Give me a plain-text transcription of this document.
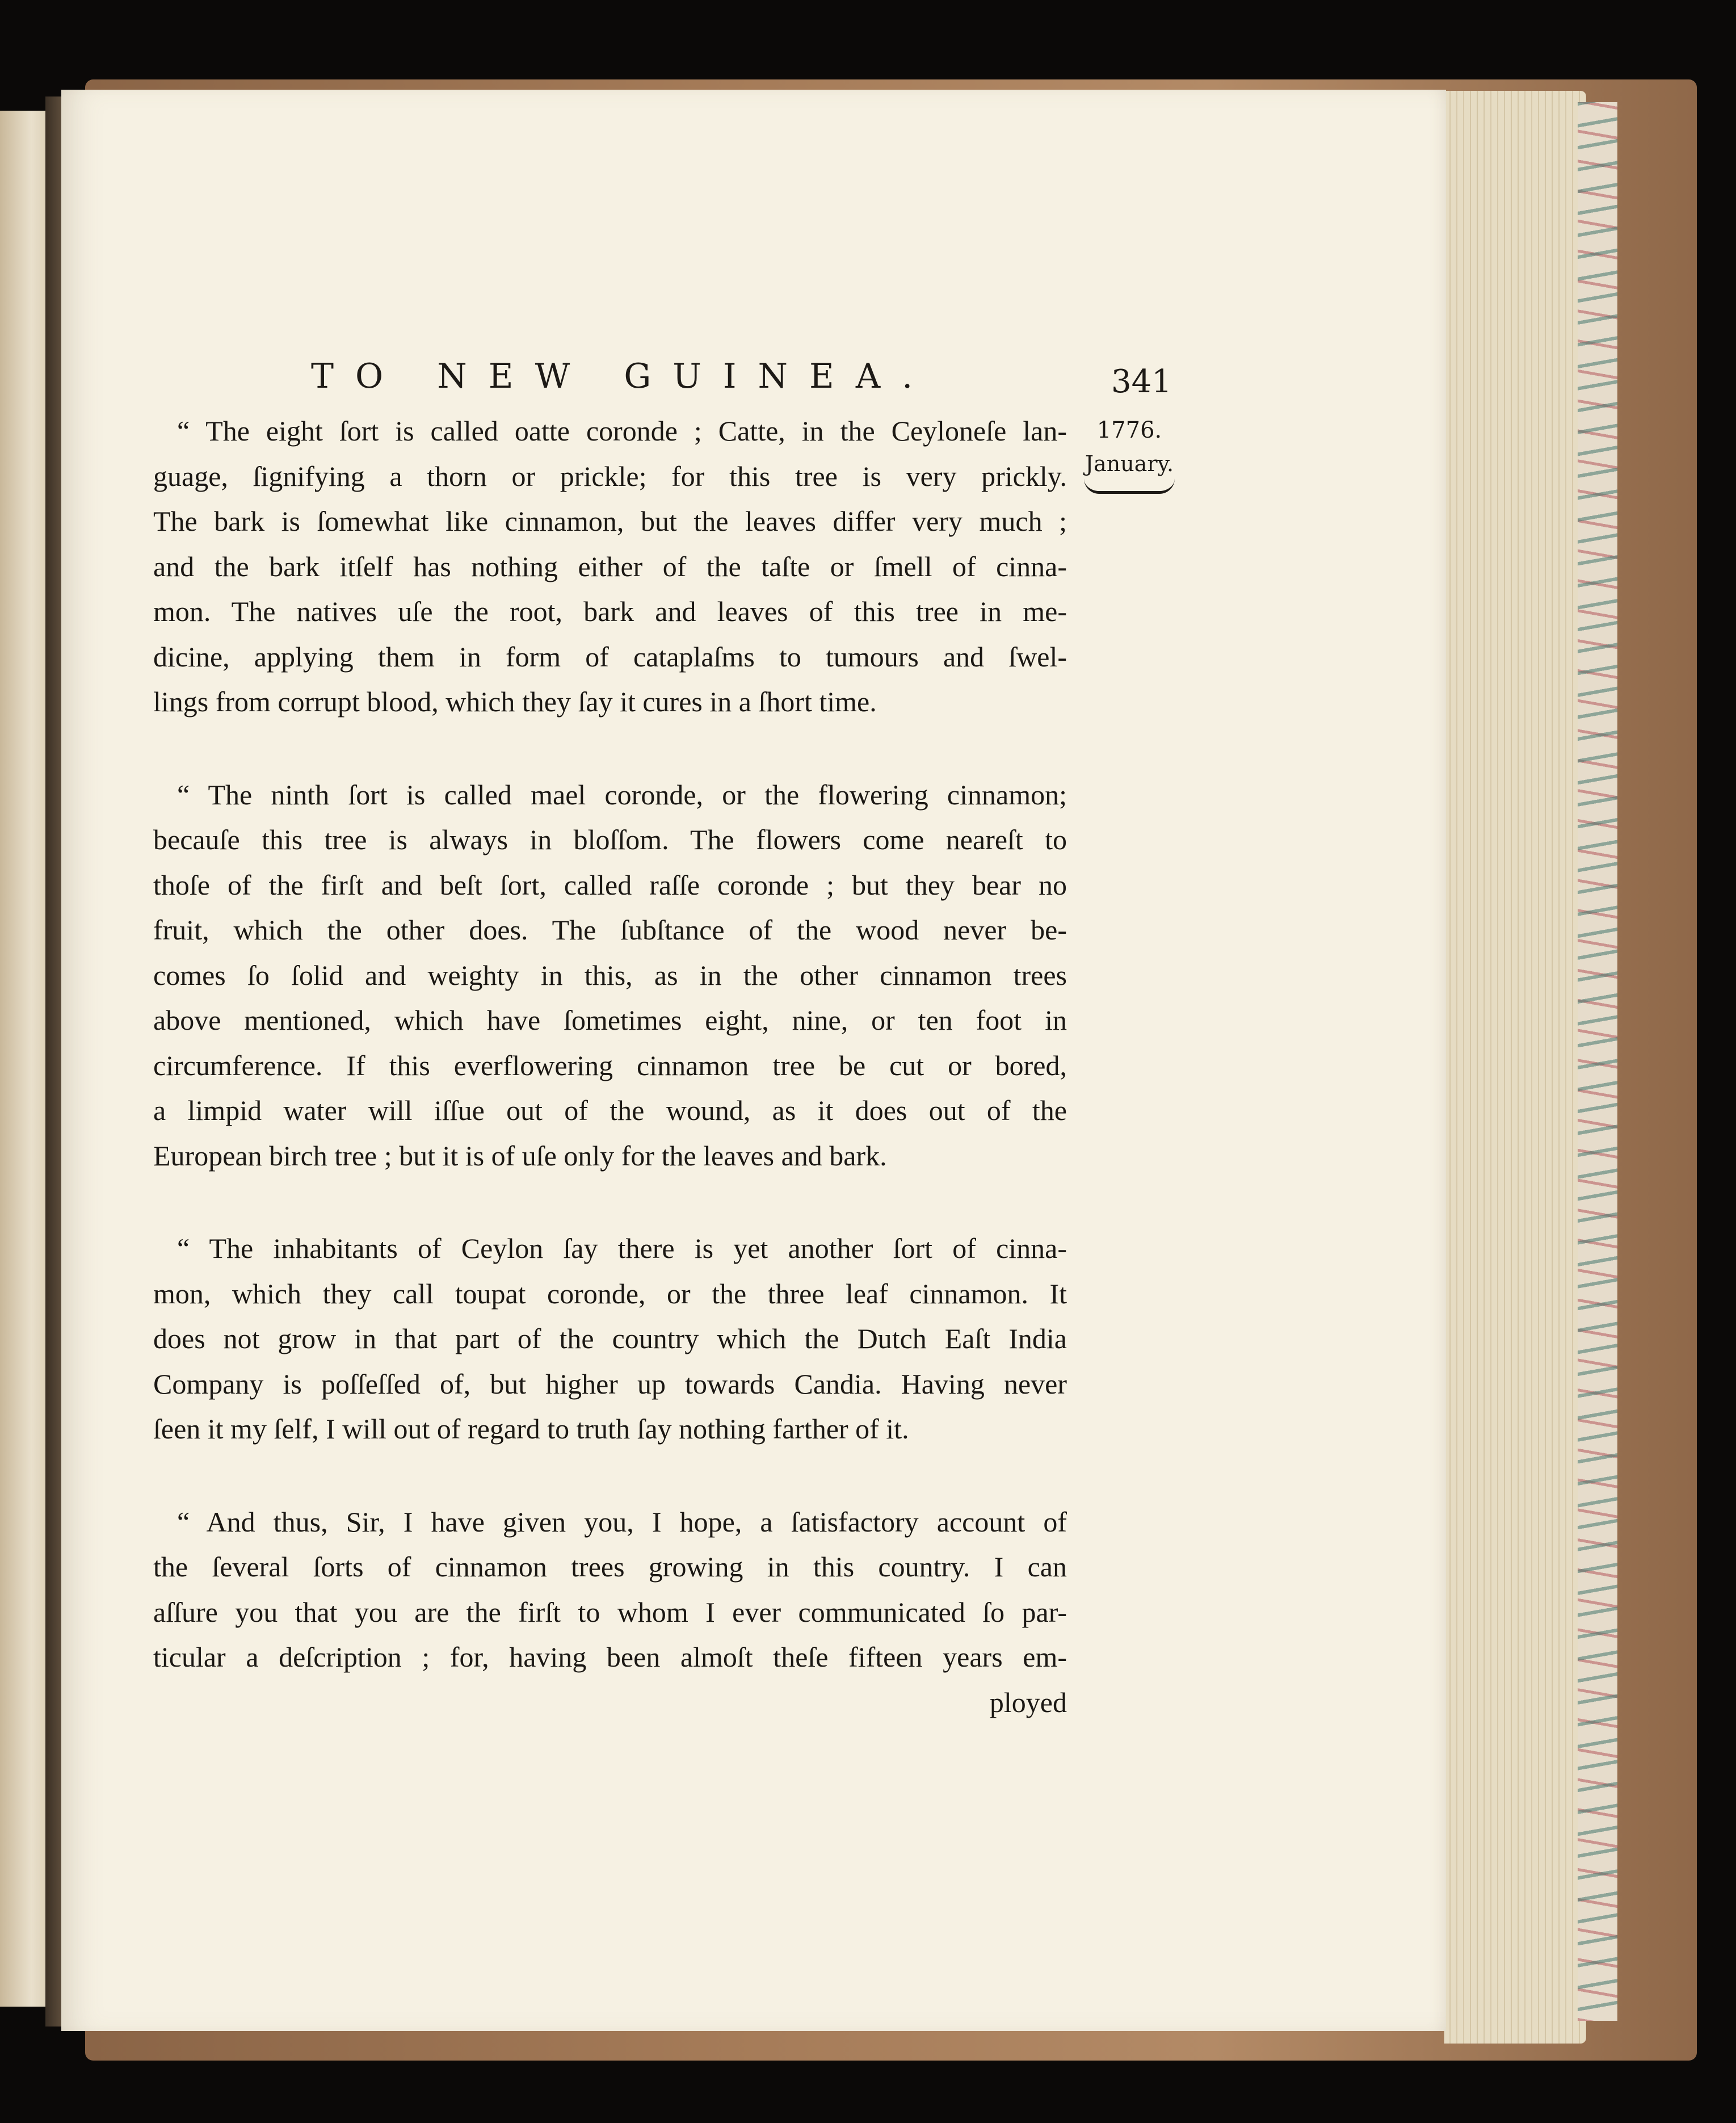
TO NEW GUINEA.	341
1776.
January.
“ The eight ſort is called oatte coronde ; Catte, in the Ceyloneſe lan-
guage, ſignifying a thorn or prickle; for this tree is very prickly.
The bark is ſomewhat like cinnamon, but the leaves differ very much ;
and the bark itſelf has nothing either of the taſte or ſmell of cinna-
mon. The natives uſe the root, bark and leaves of this tree in me-
dicine, applying them in form of cataplaſms to tumours and ſwel-
lings from corrupt blood, which they ſay it cures in a ſhort time.
“ The ninth ſort is called mael coronde, or the flowering cinnamon;
becauſe this tree is always in bloſſom. The flowers come neareſt to
thoſe of the firſt and beſt ſort, called raſſe coronde ; but they bear no
fruit, which the other does. The ſubſtance of the wood never be-
comes ſo ſolid and weighty in this, as in the other cinnamon trees
above mentioned, which have ſometimes eight, nine, or ten foot in
circumference. If this everflowering cinnamon tree be cut or bored,
a limpid water will iſſue out of the wound, as it does out of the
European birch tree ; but it is of uſe only for the leaves and bark.
“ The inhabitants of Ceylon ſay there is yet another ſort of cinna-
mon, which they call toupat coronde, or the three leaf cinnamon. It
does not grow in that part of the country which the Dutch Eaſt India
Company is poſſeſſed of, but higher up towards Candia. Having never
ſeen it my ſelf, I will out of regard to truth ſay nothing farther of it.
“ And thus, Sir, I have given you, I hope, a ſatisfactory account of
the ſeveral ſorts of cinnamon trees growing in this country. I can
aſſure you that you are the firſt to whom I ever communicated ſo par-
ticular a deſcription ; for, having been almoſt theſe fifteen years em-
ployed
